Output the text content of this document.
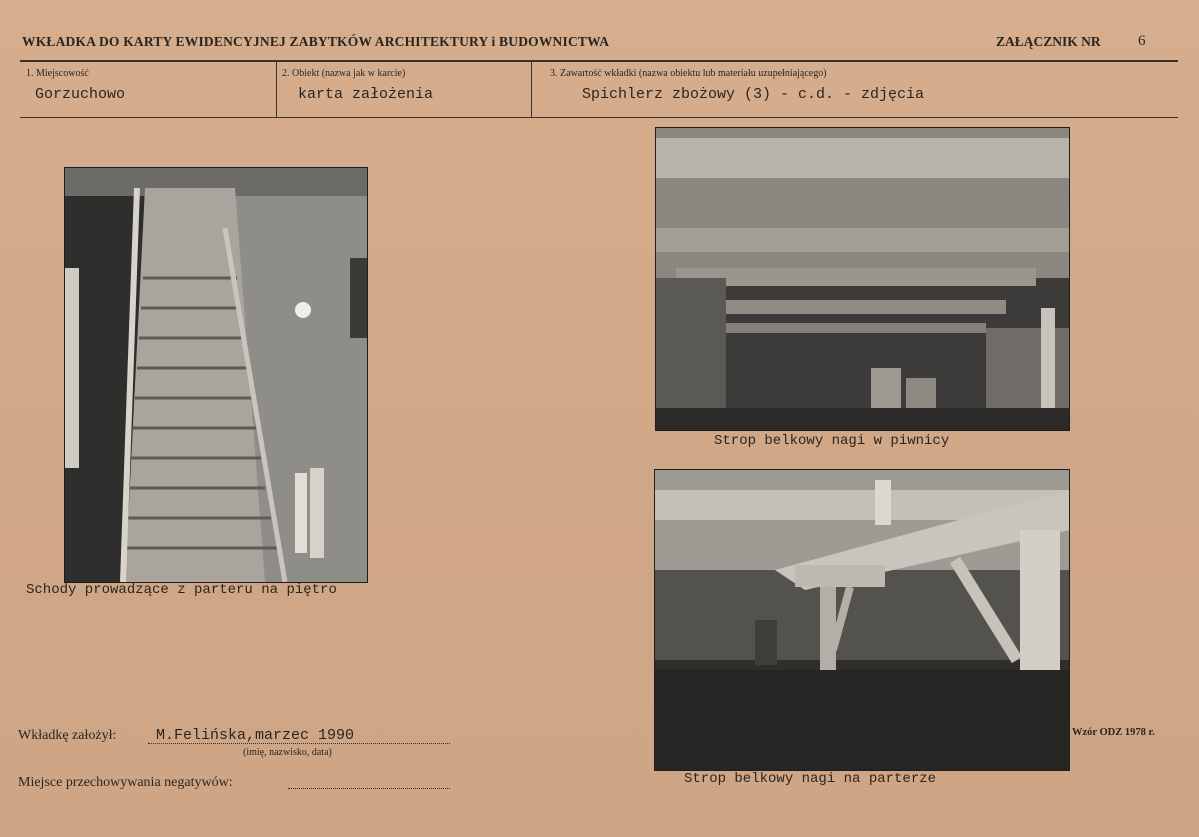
WKŁADKA DO KARTY EWIDENCYJNEJ ZABYTKÓW ARCHITEKTURY i BUDOWNICTWA	ZAŁĄCZNIK NR 6
1. Miejscowość
Gorzuchowo
2. Obiekt (nazwa jak w karcie)
karta założenia
3. Zawartość wkładki (nazwa obiektu lub materiału uzupełniającego)
Spichlerz zbożowy (3) - c.d. - zdjęcia
Schody prowadzące z parteru na piętro
Strop belkowy nagi w piwnicy
Strop belkowy nagi na parterze
Wkładkę założył:	M.Felińska,marzec 1990
(imię, nazwisko, data)
Miejsce przechowywania negatywów:
Wzór ODZ 1978 r.
